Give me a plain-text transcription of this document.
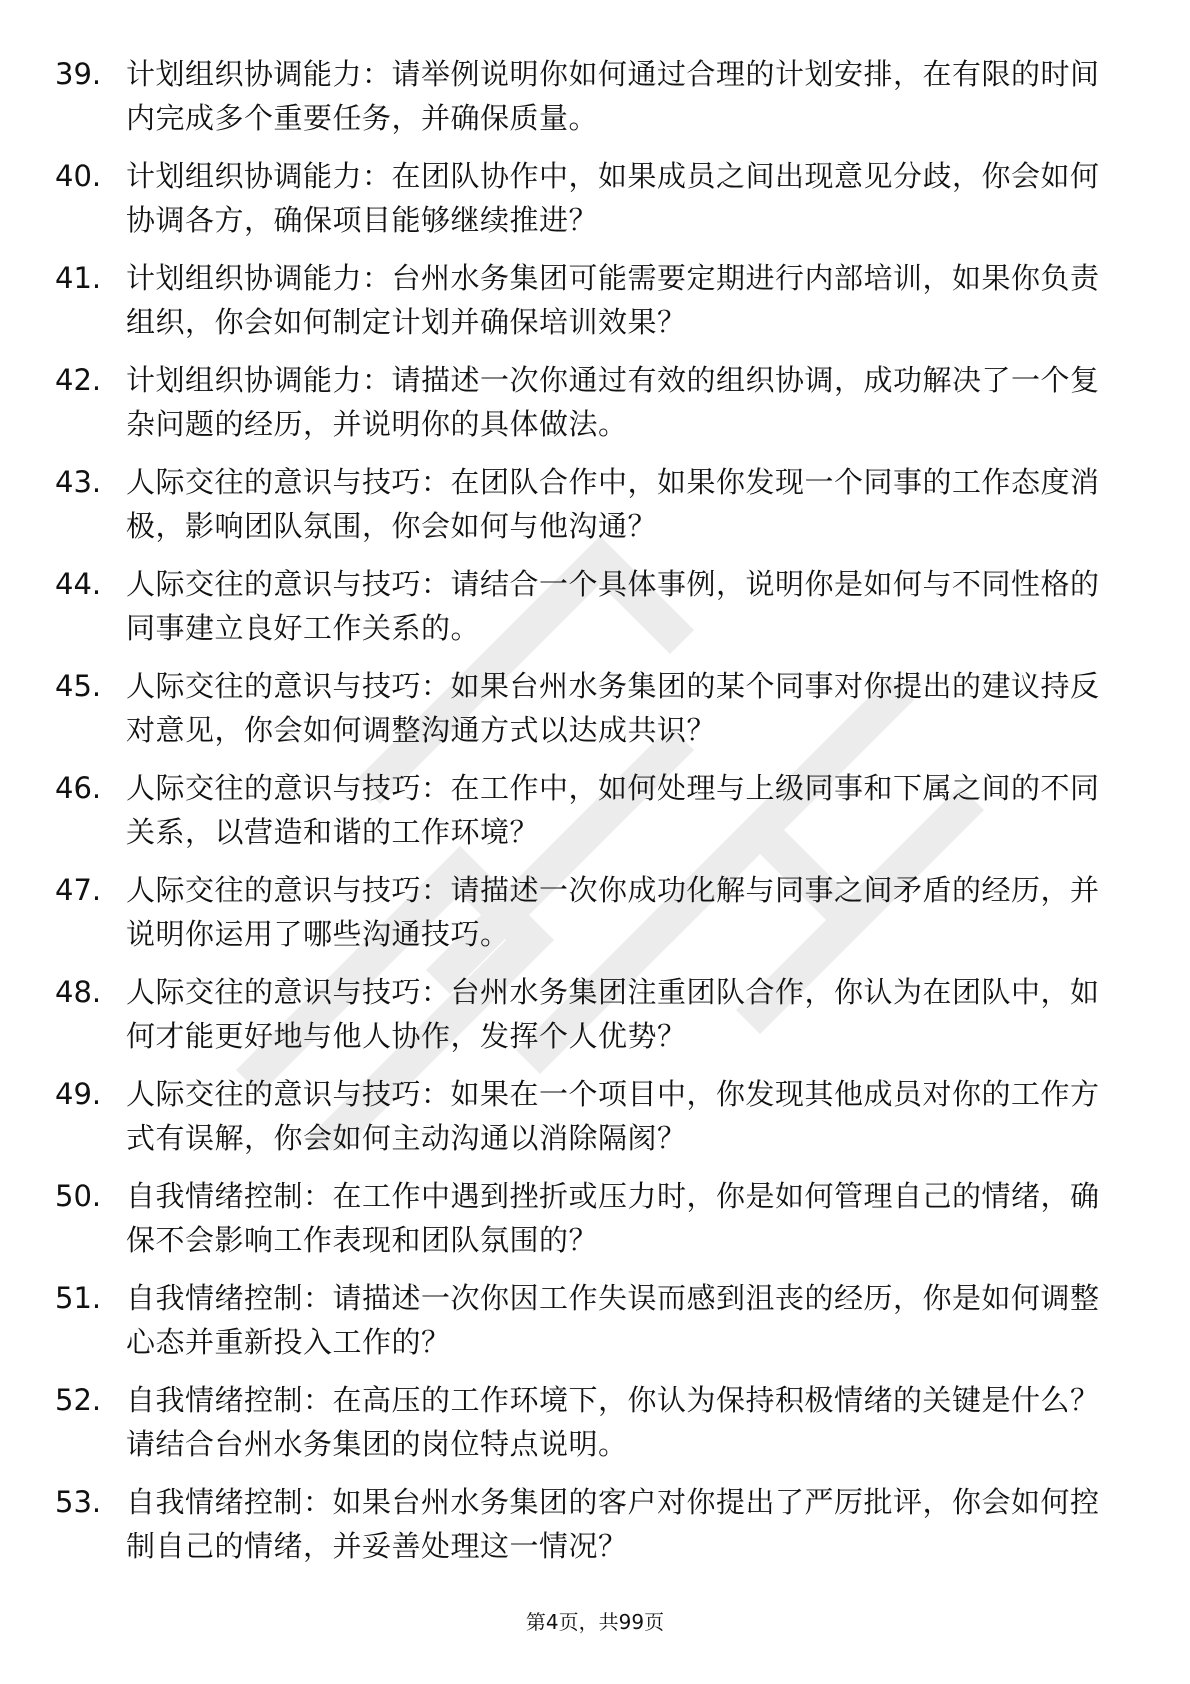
39. 计划组织协调能力：请举例说明你如何通过合理的计划安排，在有限的时间内完成多个重要任务，并确保质量。
40. 计划组织协调能力：在团队协作中，如果成员之间出现意见分歧，你会如何协调各方，确保项目能够继续推进？
41. 计划组织协调能力：台州水务集团可能需要定期进行内部培训，如果你负责组织，你会如何制定计划并确保培训效果？
42. 计划组织协调能力：请描述一次你通过有效的组织协调，成功解决了一个复杂问题的经历，并说明你的具体做法。
43. 人际交往的意识与技巧：在团队合作中，如果你发现一个同事的工作态度消极，影响团队氛围，你会如何与他沟通？
44. 人际交往的意识与技巧：请结合一个具体事例，说明你是如何与不同性格的同事建立良好工作关系的。
45. 人际交往的意识与技巧：如果台州水务集团的某个同事对你提出的建议持反对意见，你会如何调整沟通方式以达成共识？
46. 人际交往的意识与技巧：在工作中，如何处理与上级同事和下属之间的不同关系，以营造和谐的工作环境？
47. 人际交往的意识与技巧：请描述一次你成功化解与同事之间矛盾的经历，并说明你运用了哪些沟通技巧。
48. 人际交往的意识与技巧：台州水务集团注重团队合作，你认为在团队中，如何才能更好地与他人协作，发挥个人优势？
49. 人际交往的意识与技巧：如果在一个项目中，你发现其他成员对你的工作方式有误解，你会如何主动沟通以消除隔阂？
50. 自我情绪控制：在工作中遇到挫折或压力时，你是如何管理自己的情绪，确保不会影响工作表现和团队氛围的？
51. 自我情绪控制：请描述一次你因工作失误而感到沮丧的经历，你是如何调整心态并重新投入工作的？
52. 自我情绪控制：在高压的工作环境下，你认为保持积极情绪的关键是什么？请结合台州水务集团的岗位特点说明。
53. 自我情绪控制：如果台州水务集团的客户对你提出了严厉批评，你会如何控制自己的情绪，并妥善处理这一情况？
第4页，共99页
